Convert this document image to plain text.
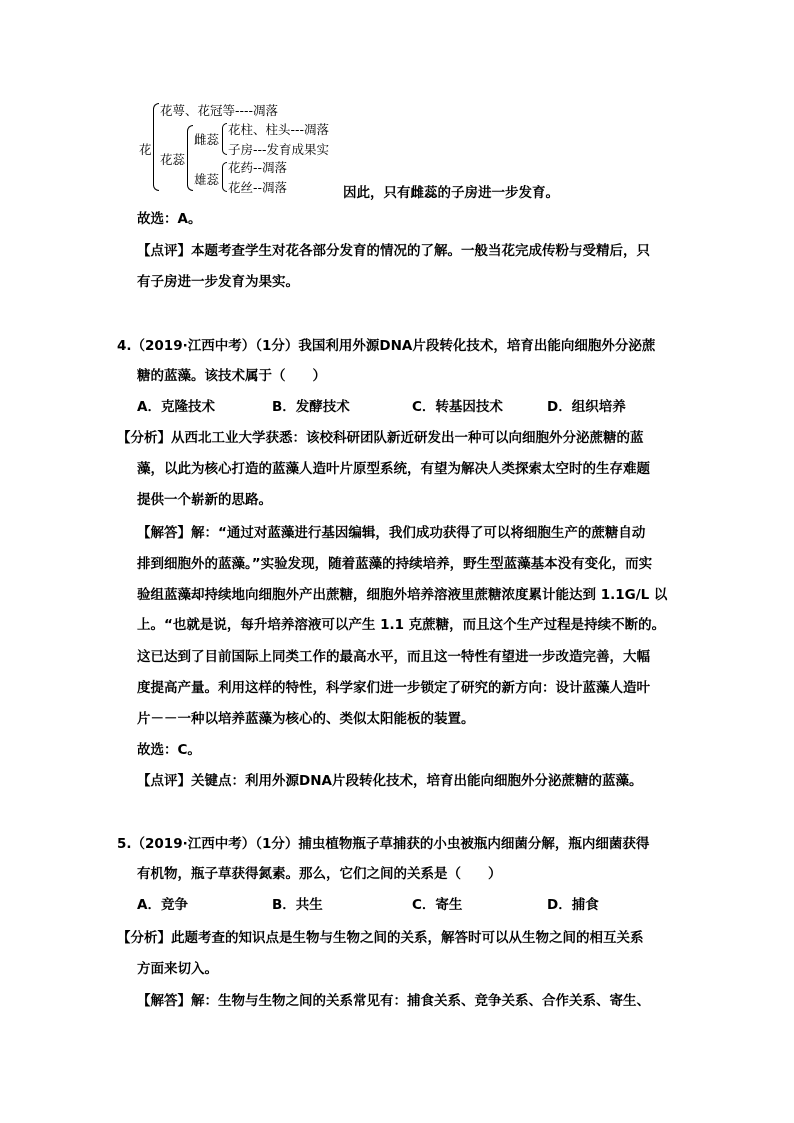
花
花萼、花冠等----凋落
花蕊
雌蕊
花柱、柱头---凋落
子房---发育成果实
雄蕊
花药--凋落
花丝--凋落	因此，只有雌蕊的子房进一步发育。
故选：A。
【点评】本题考查学生对花各部分发育的情况的了解。一般当花完成传粉与受精后，只
有子房进一步发育为果实。
4.（2019·江西中考）（1分）我国利用外源DNA片段转化技术，培育出能向细胞外分泌蔗
糖的蓝藻。该技术属于（　　）
A．克隆技术	B．发酵技术	C．转基因技术	D．组织培养
【分析】从西北工业大学获悉：该校科研团队新近研发出一种可以向细胞外分泌蔗糖的蓝
藻，以此为核心打造的蓝藻人造叶片原型系统，有望为解决人类探索太空时的生存难题
提供一个崭新的思路。
【解答】解：“通过对蓝藻进行基因编辑，我们成功获得了可以将细胞生产的蔗糖自动
排到细胞外的蓝藻。”实验发现，随着蓝藻的持续培养，野生型蓝藻基本没有变化，而实
验组蓝藻却持续地向细胞外产出蔗糖，细胞外培养溶液里蔗糖浓度累计能达到 1.1G/L 以
上。“也就是说，每升培养溶液可以产生 1.1 克蔗糖，而且这个生产过程是持续不断的。
这已达到了目前国际上同类工作的最高水平，而且这一特性有望进一步改造完善，大幅
度提高产量。利用这样的特性，科学家们进一步锁定了研究的新方向：设计蓝藻人造叶
片－－一种以培养蓝藻为核心的、类似太阳能板的装置。
故选：C。
【点评】关键点：利用外源DNA片段转化技术，培育出能向细胞外分泌蔗糖的蓝藻。
5.（2019·江西中考）（1分）捕虫植物瓶子草捕获的小虫被瓶内细菌分解，瓶内细菌获得
有机物，瓶子草获得氮素。那么，它们之间的关系是（　　）
A．竞争	B．共生	C．寄生	D．捕食
【分析】此题考查的知识点是生物与生物之间的关系，解答时可以从生物之间的相互关系
方面来切入。
【解答】解：生物与生物之间的关系常见有：捕食关系、竞争关系、合作关系、寄生、
